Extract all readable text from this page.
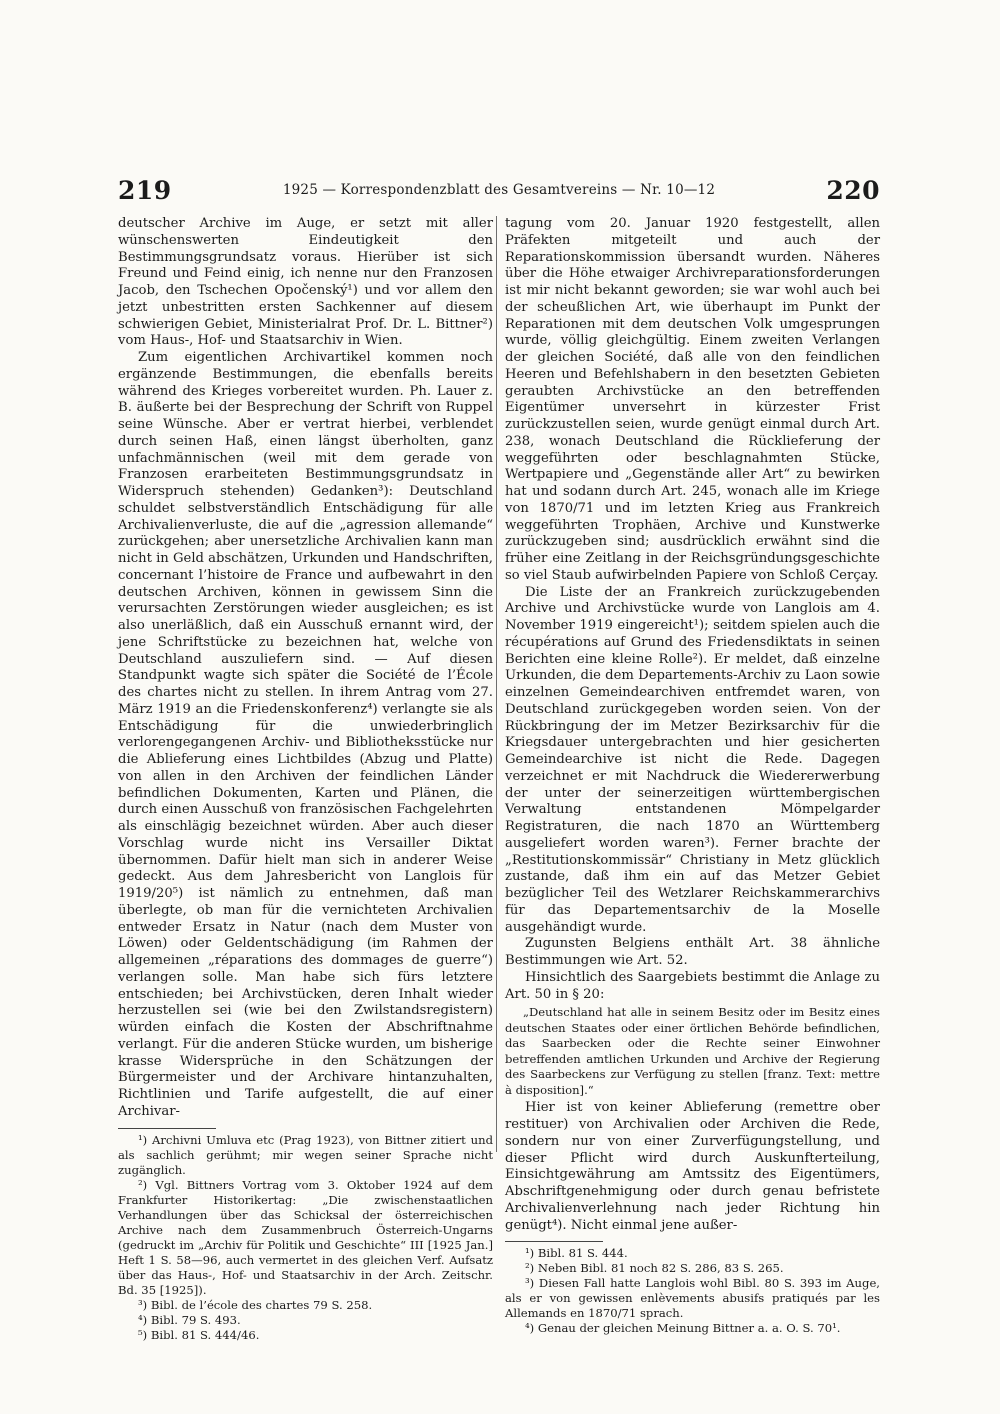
219	1925 — Korrespondenzblatt des Gesamtvereins — Nr. 10—12	220

deutscher Archive im Auge, er setzt mit aller wünschenswerten Eindeutigkeit den Bestimmungsgrundsatz voraus. Hierüber ist sich Freund und Feind einig, ich nenne nur den Franzosen Jacob, den Tschechen Opočenský¹) und vor allem den jetzt unbestritten ersten Sachkenner auf diesem schwierigen Gebiet, Ministerialrat Prof. Dr. L. Bittner²) vom Haus-, Hof- und Staatsarchiv in Wien.

Zum eigentlichen Archivartikel kommen noch ergänzende Bestimmungen, die ebenfalls bereits während des Krieges vorbereitet wurden. Ph. Lauer z. B. äußerte bei der Besprechung der Schrift von Ruppel seine Wünsche. Aber er vertrat hierbei, verblendet durch seinen Haß, einen längst überholten, ganz unfachmännischen (weil mit dem gerade von Franzosen erarbeiteten Bestimmungsgrundsatz in Widerspruch stehenden) Gedanken³): Deutschland schuldet selbstverständlich Entschädigung für alle Archivalienverluste, die auf die „agression allemande“ zurückgehen; aber unersetzliche Archivalien kann man nicht in Geld abschätzen, Urkunden und Handschriften, concernant l’histoire de France und aufbewahrt in den deutschen Archiven, können in gewissem Sinn die verursachten Zerstörungen wieder ausgleichen; es ist also unerläßlich, daß ein Ausschuß ernannt wird, der jene Schriftstücke zu bezeichnen hat, welche von Deutschland auszuliefern sind. — Auf diesen Standpunkt wagte sich später die Société de l’École des chartes nicht zu stellen. In ihrem Antrag vom 27. März 1919 an die Friedenskonferenz⁴) verlangte sie als Entschädigung für die unwiederbringlich verlorengegangenen Archiv- und Bibliotheksstücke nur die Ablieferung eines Lichtbildes (Abzug und Platte) von allen in den Archiven der feindlichen Länder befindlichen Dokumenten, Karten und Plänen, die durch einen Ausschuß von französischen Fachgelehrten als einschlägig bezeichnet würden. Aber auch dieser Vorschlag wurde nicht ins Versailler Diktat übernommen. Dafür hielt man sich in anderer Weise gedeckt. Aus dem Jahresbericht von Langlois für 1919/20⁵) ist nämlich zu entnehmen, daß man überlegte, ob man für die vernichteten Archivalien entweder Ersatz in Natur (nach dem Muster von Löwen) oder Geldentschädigung (im Rahmen der allgemeinen „réparations des dommages de guerre“) verlangen solle. Man habe sich fürs letztere entschieden; bei Archivstücken, deren Inhalt wieder herzustellen sei (wie bei den Zwilstandsregistern) würden einfach die Kosten der Abschriftnahme verlangt. Für die anderen Stücke wurden, um bisherige krasse Widersprüche in den Schätzungen der Bürgermeister und der Archivare hintanzuhalten, Richtlinien und Tarife aufgestellt, die auf einer Archivar-

¹) Archivni Umluva etc (Prag 1923), von Bittner zitiert und als sachlich gerühmt; mir wegen seiner Sprache nicht zugänglich.

²) Vgl. Bittners Vortrag vom 3. Oktober 1924 auf dem Frankfurter Historikertag: „Die zwischenstaatlichen Verhandlungen über das Schicksal der österreichischen Archive nach dem Zusammenbruch Österreich-Ungarns (gedruckt im „Archiv für Politik und Geschichte“ III [1925 Jan.] Heft 1 S. 58—96, auch vermertet in des gleichen Verf. Aufsatz über das Haus-, Hof- und Staatsarchiv in der Arch. Zeitschr. Bd. 35 [1925]).

³) Bibl. de l’école des chartes 79 S. 258.

⁴) Bibl. 79 S. 493.

⁵) Bibl. 81 S. 444/46.

tagung vom 20. Januar 1920 festgestellt, allen Präfekten mitgeteilt und auch der Reparationskommission übersandt wurden. Näheres über die Höhe etwaiger Archivreparationsforderungen ist mir nicht bekannt geworden; sie war wohl auch bei der scheußlichen Art, wie überhaupt im Punkt der Reparationen mit dem deutschen Volk umgesprungen wurde, völlig gleichgültig. Einem zweiten Verlangen der gleichen Société, daß alle von den feindlichen Heeren und Befehlshabern in den besetzten Gebieten geraubten Archivstücke an den betreffenden Eigentümer unversehrt in kürzester Frist zurückzustellen seien, wurde genügt einmal durch Art. 238, wonach Deutschland die Rücklieferung der weggeführten oder beschlagnahmten Stücke, Wertpapiere und „Gegenstände aller Art“ zu bewirken hat und sodann durch Art. 245, wonach alle im Kriege von 1870/71 und im letzten Krieg aus Frankreich weggeführten Trophäen, Archive und Kunstwerke zurückzugeben sind; ausdrücklich erwähnt sind die früher eine Zeitlang in der Reichsgründungsgeschichte so viel Staub aufwirbelnden Papiere von Schloß Cerçay.

Die Liste der an Frankreich zurückzugebenden Archive und Archivstücke wurde von Langlois am 4. November 1919 eingereicht¹); seitdem spielen auch die récupérations auf Grund des Friedensdiktats in seinen Berichten eine kleine Rolle²). Er meldet, daß einzelne Urkunden, die dem Departements-Archiv zu Laon sowie einzelnen Gemeindearchiven entfremdet waren, von Deutschland zurückgegeben worden seien. Von der Rückbringung der im Metzer Bezirksarchiv für die Kriegsdauer untergebrachten und hier gesicherten Gemeindearchive ist nicht die Rede. Dagegen verzeichnet er mit Nachdruck die Wiedererwerbung der unter der seinerzeitigen württembergischen Verwaltung entstandenen Mömpelgarder Registraturen, die nach 1870 an Württemberg ausgeliefert worden waren³). Ferner brachte der „Restitutionskommissär“ Christiany in Metz glücklich zustande, daß ihm ein auf das Metzer Gebiet bezüglicher Teil des Wetzlarer Reichskammerarchivs für das Departementsarchiv de la Moselle ausgehändigt wurde.

Zugunsten Belgiens enthält Art. 38 ähnliche Bestimmungen wie Art. 52.

Hinsichtlich des Saargebiets bestimmt die Anlage zu Art. 50 in § 20:

„Deutschland hat alle in seinem Besitz oder im Besitz eines deutschen Staates oder einer örtlichen Behörde befindlichen, das Saarbecken oder die Rechte seiner Einwohner betreffenden amtlichen Urkunden und Archive der Regierung des Saarbeckens zur Verfügung zu stellen [franz. Text: mettre à disposition].“

Hier ist von keiner Ablieferung (remettre ober restituer) von Archivalien oder Archiven die Rede, sondern nur von einer Zurverfügungstellung, und dieser Pflicht wird durch Auskunfterteilung, Einsichtgewährung am Amtssitz des Eigentümers, Abschriftgenehmigung oder durch genau befristete Archivalienverlehnung nach jeder Richtung hin genügt⁴). Nicht einmal jene außer-

¹) Bibl. 81 S. 444.

²) Neben Bibl. 81 noch 82 S. 286, 83 S. 265.

³) Diesen Fall hatte Langlois wohl Bibl. 80 S. 393 im Auge, als er von gewissen enlèvements abusifs pratiqués par les Allemands en 1870/71 sprach.

⁴) Genau der gleichen Meinung Bittner a. a. O. S. 70¹.
